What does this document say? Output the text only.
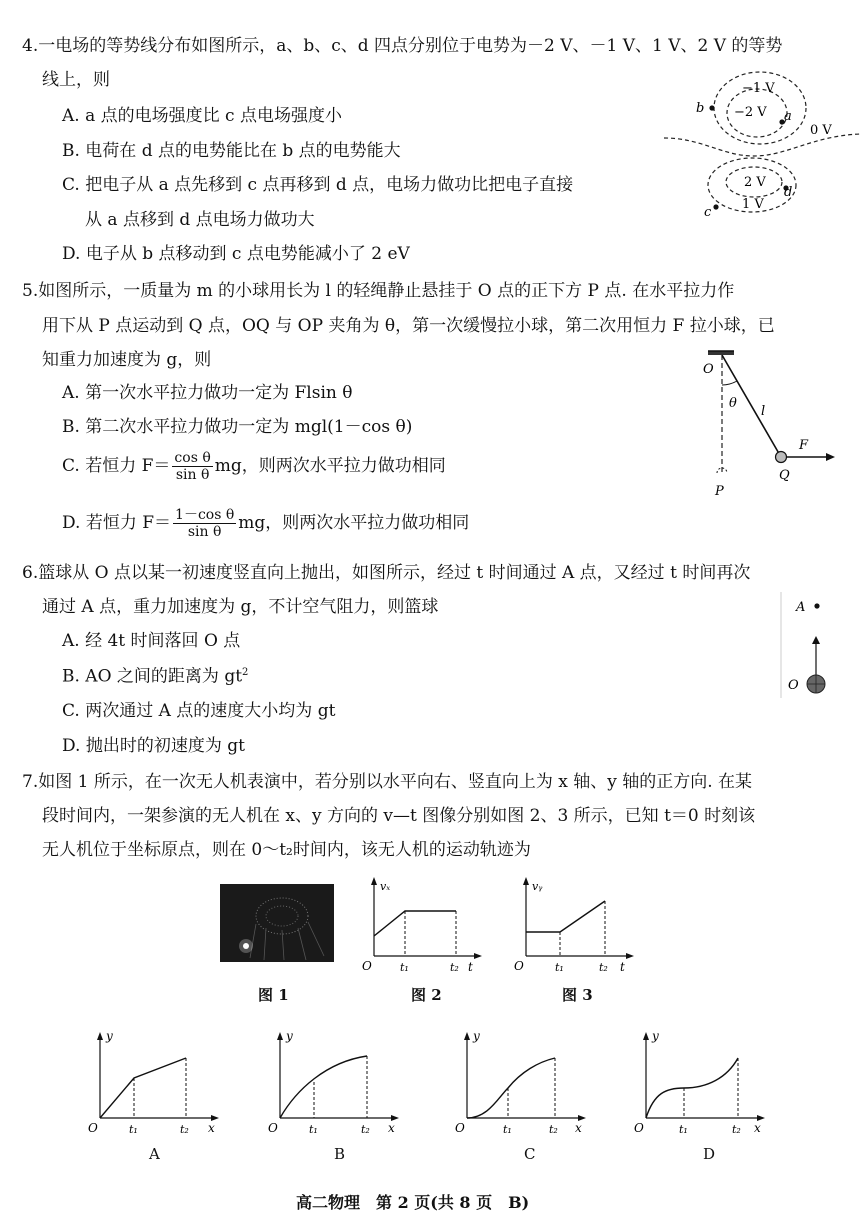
4.一电场的等势线分布如图所示，a、b、c、d 四点分别位于电势为－2 V、－1 V、1 V、2 V 的等势
线上，则
A. a 点的电场强度比 c 点电场强度小
B. 电荷在 d 点的电势能比在 b 点的电势能大
C. 把电子从 a 点先移到 c 点再移到 d 点，电场力做功比把电子直接
从 a 点移到 d 点电场力做功大
D. 电子从 b 点移动到 c 点电势能减小了 2 eV
−1 V
−2 V
0 V
2 V
1 V
a
b
c
d
5.如图所示，一质量为 m 的小球用长为 l 的轻绳静止悬挂于 O 点的正下方 P 点. 在水平拉力作
用下从 P 点运动到 Q 点，OQ 与 OP 夹角为 θ，第一次缓慢拉小球，第二次用恒力 F 拉小球，已
知重力加速度为 g，则
A. 第一次水平拉力做功一定为 Flsin θ
B. 第二次水平拉力做功一定为 mgl(1－cos θ)
C. 若恒力 $F= \frac{\text{cos θ}}{\text{sin θ}}$ mg，则两次水平拉力做功相同
D. 若恒力 $F= \frac{\text{1－cos θ}}{\text{sin θ}}$ mg，则两次水平拉力做功相同
O
θ
l
F
Q
P
6.篮球从 O 点以某一初速度竖直向上抛出，如图所示，经过 t 时间通过 A 点，又经过 t 时间再次
通过 A 点，重力加速度为 g，不计空气阻力，则篮球
A. 经 4t 时间落回 O 点
B. AO 之间的距离为 $gt^2$
C. 两次通过 A 点的速度大小均为 gt
D. 抛出时的初速度为 gt
A
O
7.如图 1 所示，在一次无人机表演中，若分别以水平向右、竖直向上为 x 轴、y 轴的正方向. 在某
段时间内，一架参演的无人机在 x、y 方向的 v—t 图像分别如图 2、3 所示，已知 t＝0 时刻该
无人机位于坐标原点，则在 0～t₂时间内，该无人机的运动轨迹为
图 1
vₓ
t
O	t₁	t₂
图 2
vᵧ
t
O	t₁	t₂
图 3
y
x
O	t₁	t₂
A
y
x
O	t₁	t₂
B
y
x
O	t₁	t₂
C
y
x
O	t₁	t₂
D
高二物理　第 2 页(共 8 页　B)
